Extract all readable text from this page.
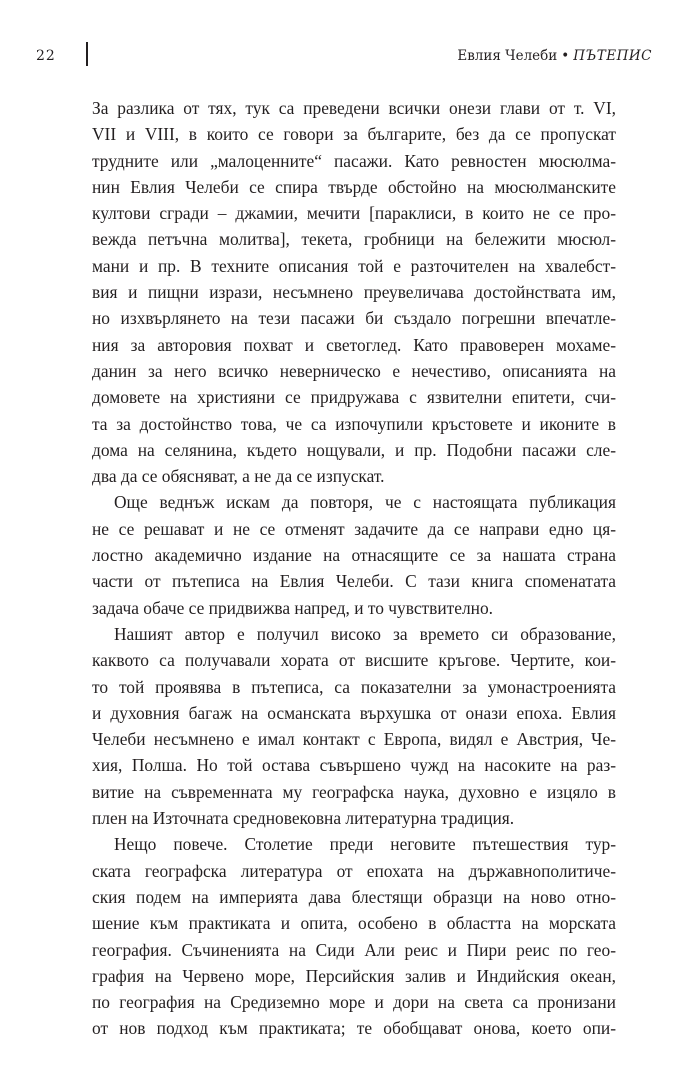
22	Евлия Челеби • ПЪТЕПИС
За разлика от тях, тук са преведени всички онези глави от т. VI,
VII и VIII, в които се говори за българите, без да се пропускат
трудните или „малоценните“ пасажи. Като ревностен мюсюлма-
нин Евлия Челеби се спира твърде обстойно на мюсюлманските
култови сгради – джамии, мечити [параклиси, в които не се про-
вежда петъчна молитва], текета, гробници на бележити мюсюл-
мани и пр. В техните описания той е разточителен на хвалебст-
вия и пищни изрази, несъмнено преувеличава достойнствата им,
но изхвърлянето на тези пасажи би създало погрешни впечатле-
ния за авторовия похват и светоглед. Като правоверен мохаме-
данин за него всичко неверническо е нечестиво, описанията на
домовете на християни се придружава с язвителни епитети, счи-
та за достойнство това, че са изпочупили кръстовете и иконите в
дома на селянина, където нощували, и пр. Подобни пасажи сле-
два да се обясняват, а не да се изпускат.
Още веднъж искам да повторя, че с настоящата публикация
не се решават и не се отменят задачите да се направи едно ця-
лостно академично издание на отнасящите се за нашата страна
части от пътеписа на Евлия Челеби. С тази книга споменатата
задача обаче се придвижва напред, и то чувствително.
Нашият автор е получил високо за времето си образование,
каквото са получавали хората от висшите кръгове. Чертите, кои-
то той проявява в пътеписа, са показателни за умонастроенията
и духовния багаж на османската върхушка от онази епоха. Евлия
Челеби несъмнено е имал контакт с Европа, видял е Австрия, Че-
хия, Полша. Но той остава съвършено чужд на насоките на раз-
витие на съвременната му географска наука, духовно е изцяло в
плен на Източната средновековна литературна традиция.
Нещо повече. Столетие преди неговите пътешествия тур-
ската географска литература от епохата на държавнополитиче-
ския подем на империята дава блестящи образци на ново отно-
шение към практиката и опита, особено в областта на морската
география. Съчиненията на Сиди Али реис и Пири реис по гео-
графия на Червено море, Персийския залив и Индийския океан,
по география на Средиземно море и дори на света са пронизани
от нов подход към практиката; те обобщават онова, което опи-
